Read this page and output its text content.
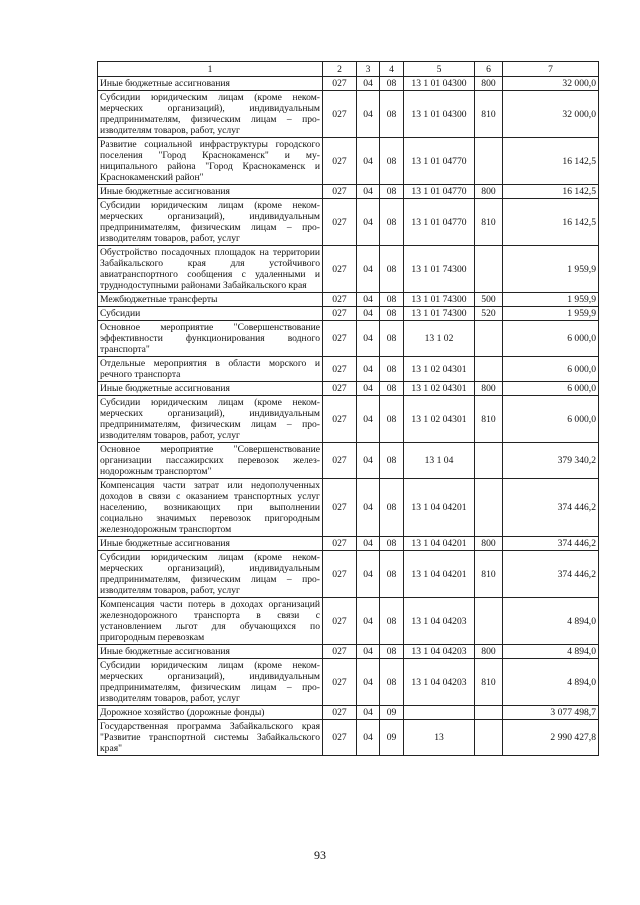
1	2	3	4	5	6	7
Иные бюджетные ассигнования	027	04	08	13 1 01 04300	800	32 000,0
Субсидии юридическим лицам (кроме некоммерческих организаций), индивидуальным предпринимателям, физическим лицам – производителям товаров, работ, услуг	027	04	08	13 1 01 04300	810	32 000,0
Развитие социальной инфраструктуры городского поселения "Город Краснокаменск" и муниципального района "Город Краснокаменск и Краснокаменский район"	027	04	08	13 1 01 04770		16 142,5
Иные бюджетные ассигнования	027	04	08	13 1 01 04770	800	16 142,5
Субсидии юридическим лицам (кроме некоммерческих организаций), индивидуальным предпринимателям, физическим лицам – производителям товаров, работ, услуг	027	04	08	13 1 01 04770	810	16 142,5
Обустройство посадочных площадок на территории Забайкальского края для устойчивого авиатранспортного сообщения с удаленными и труднодоступными районами Забайкальского края	027	04	08	13 1 01 74300		1 959,9
Межбюджетные трансферты	027	04	08	13 1 01 74300	500	1 959,9
Субсидии	027	04	08	13 1 01 74300	520	1 959,9
Основное мероприятие "Совершенствование эффективности функционирования водного транспорта"	027	04	08	13 1 02		6 000,0
Отдельные мероприятия в области морского и речного транспорта	027	04	08	13 1 02 04301		6 000,0
Иные бюджетные ассигнования	027	04	08	13 1 02 04301	800	6 000,0
Субсидии юридическим лицам (кроме некоммерческих организаций), индивидуальным предпринимателям, физическим лицам – производителям товаров, работ, услуг	027	04	08	13 1 02 04301	810	6 000,0
Основное мероприятие "Совершенствование организации пассажирских перевозок железнодорожным транспортом"	027	04	08	13 1 04		379 340,2
Компенсация части затрат или недополученных доходов в связи с оказанием транспортных услуг населению, возникающих при выполнении социально значимых перевозок пригородным железнодорожным транспортом	027	04	08	13 1 04 04201		374 446,2
Иные бюджетные ассигнования	027	04	08	13 1 04 04201	800	374 446,2
Субсидии юридическим лицам (кроме некоммерческих организаций), индивидуальным предпринимателям, физическим лицам – производителям товаров, работ, услуг	027	04	08	13 1 04 04201	810	374 446,2
Компенсация части потерь в доходах организаций железнодорожного транспорта в связи с установлением льгот для обучающихся по пригородным перевозкам	027	04	08	13 1 04 04203		4 894,0
Иные бюджетные ассигнования	027	04	08	13 1 04 04203	800	4 894,0
Субсидии юридическим лицам (кроме некоммерческих организаций), индивидуальным предпринимателям, физическим лицам – производителям товаров, работ, услуг	027	04	08	13 1 04 04203	810	4 894,0
Дорожное хозяйство (дорожные фонды)	027	04	09			3 077 498,7
Государственная программа Забайкальского края "Развитие транспортной системы Забайкальского края"	027	04	09	13		2 990 427,8
93
